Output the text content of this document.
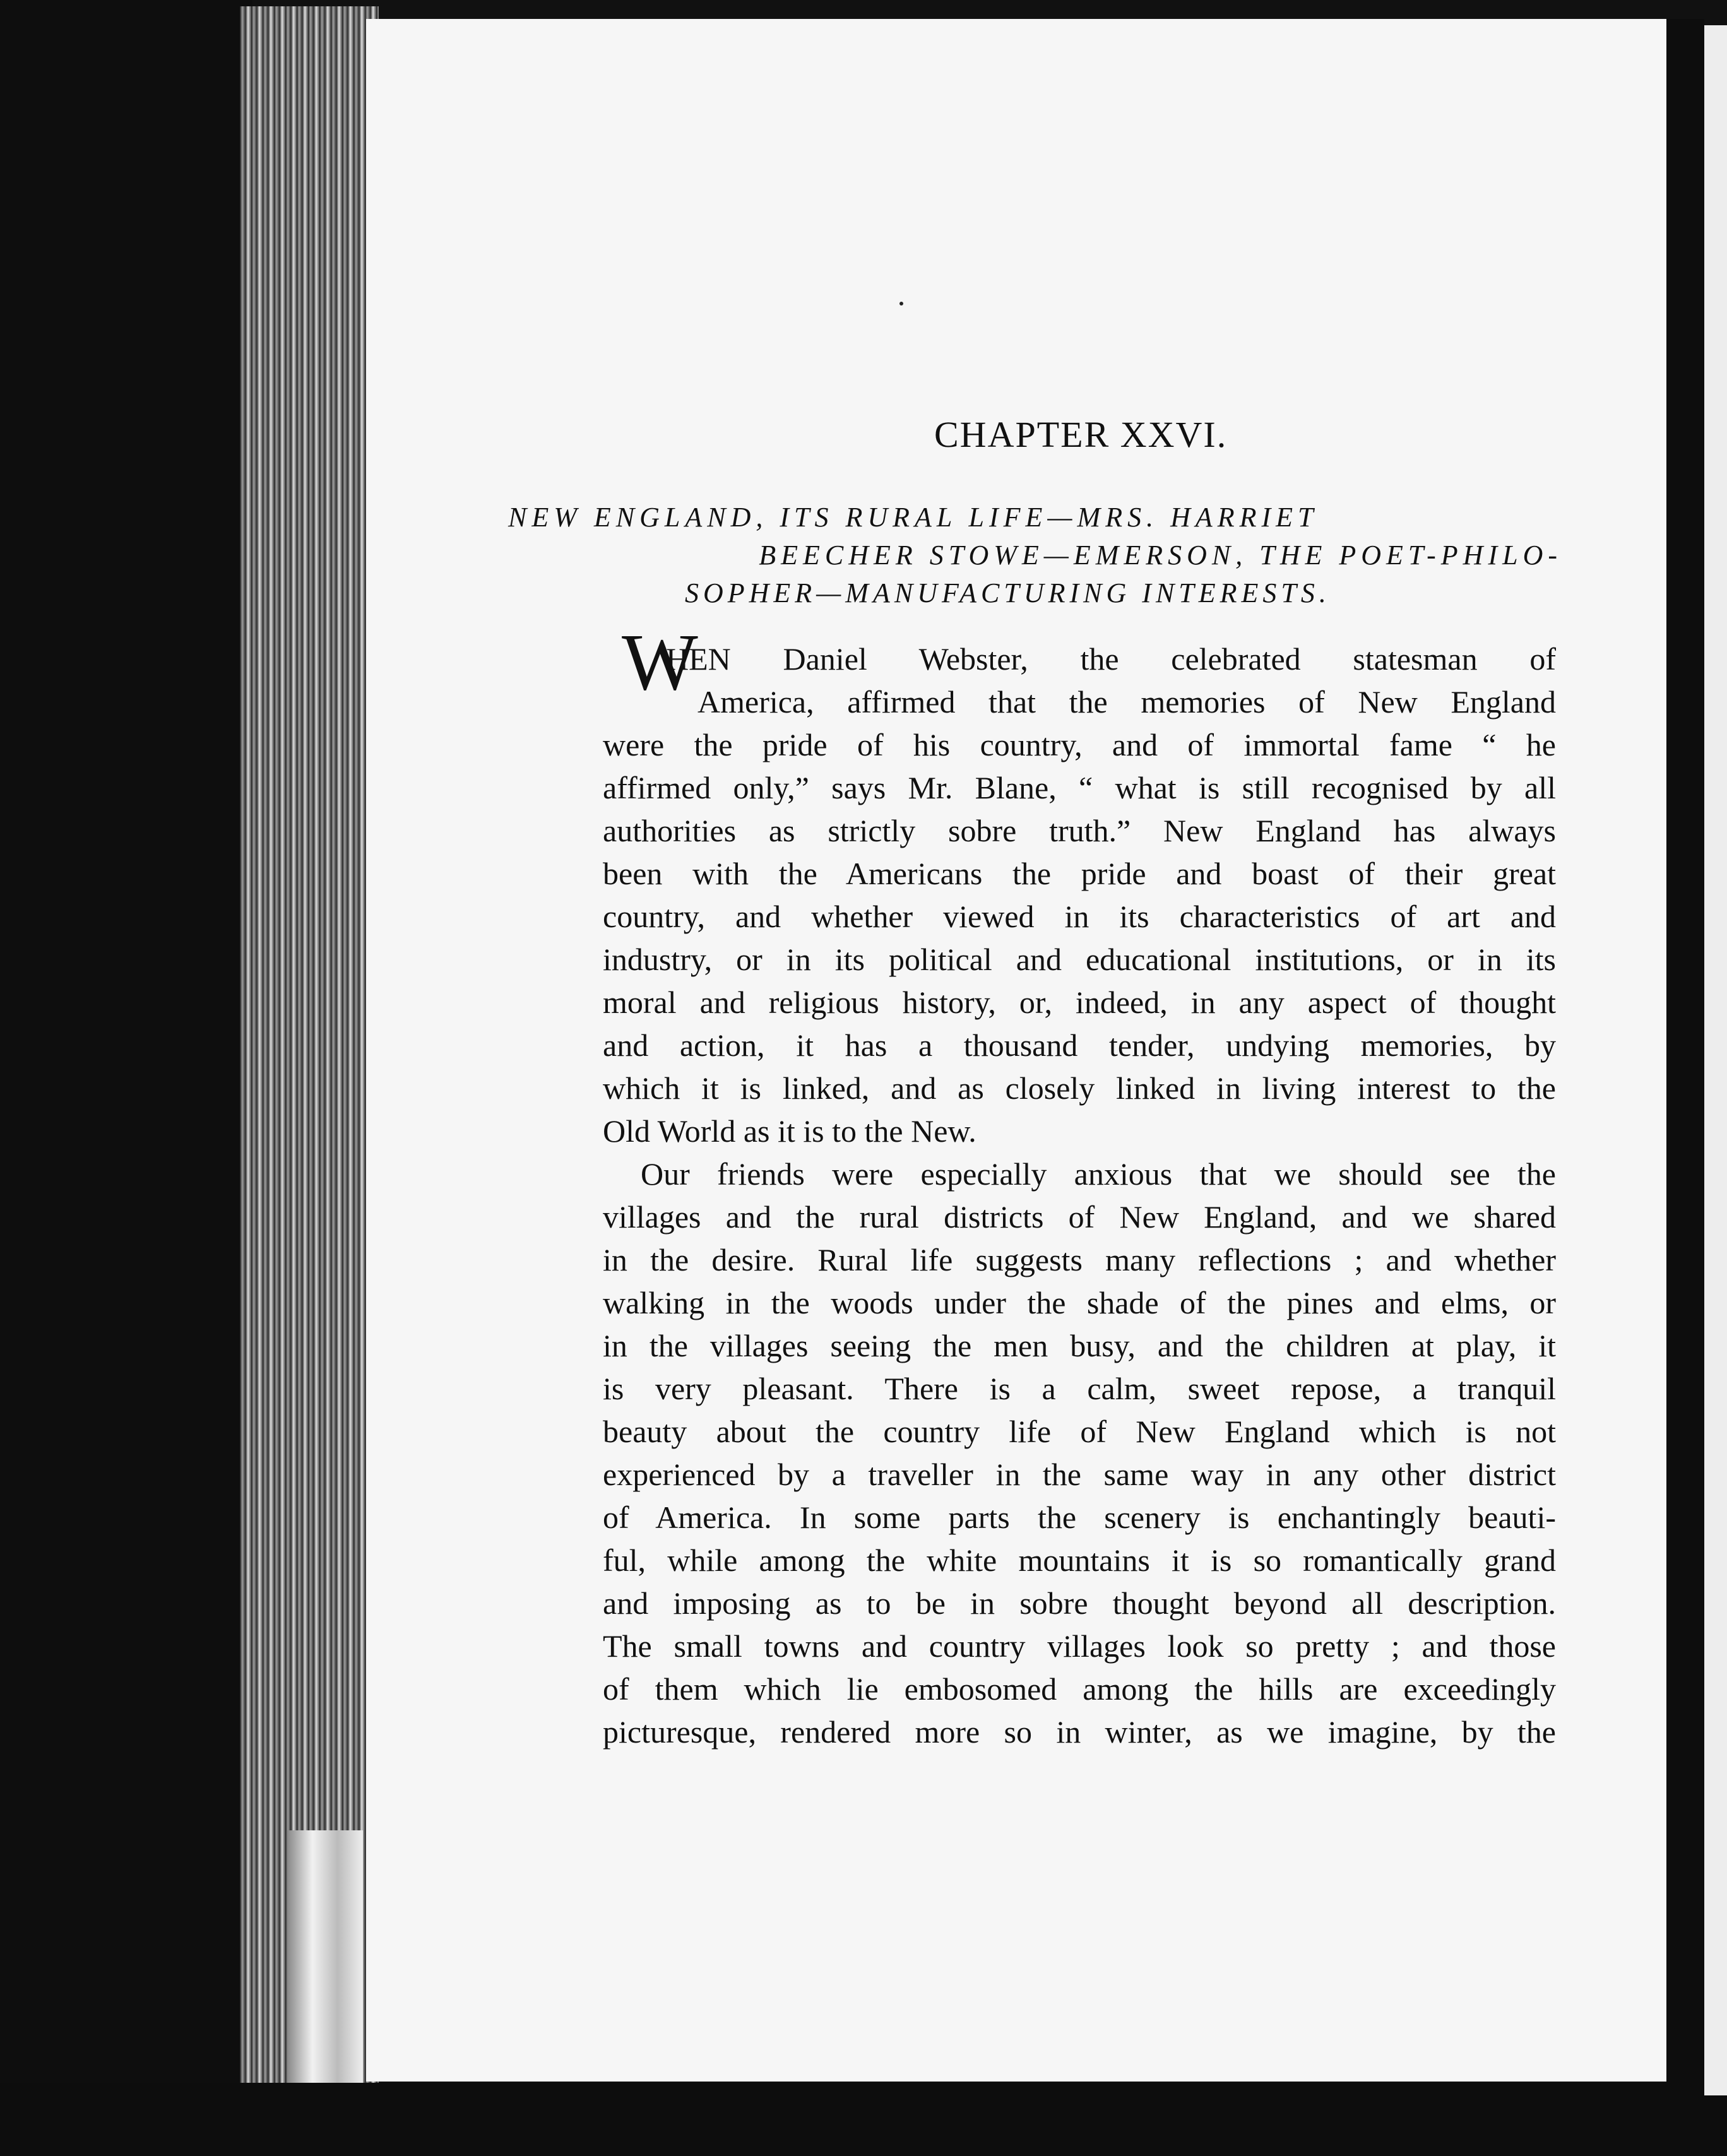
CHAPTER XXVI.
NEW ENGLAND, ITS RURAL LIFE—MRS. HARRIET
BEECHER STOWE—EMERSON, THE POET-PHILO-
SOPHER—MANUFACTURING INTERESTS.
W
HEN Daniel Webster, the celebrated statesman of
America, affirmed that the memories of New England
were the pride of his country, and of immortal fame “ he
affirmed only,” says Mr. Blane, “ what is still recognised by all
authorities as strictly sobre truth.” New England has always
been with the Americans the pride and boast of their great
country, and whether viewed in its characteristics of art and
industry, or in its political and educational institutions, or in its
moral and religious history, or, indeed, in any aspect of thought
and action, it has a thousand tender, undying memories, by
which it is linked, and as closely linked in living interest to the
Old World as it is to the New.
Our friends were especially anxious that we should see the
villages and the rural districts of New England, and we shared
in the desire. Rural life suggests many reflections ; and whether
walking in the woods under the shade of the pines and elms, or
in the villages seeing the men busy, and the children at play, it
is very pleasant. There is a calm, sweet repose, a tranquil
beauty about the country life of New England which is not
experienced by a traveller in the same way in any other district
of America. In some parts the scenery is enchantingly beauti-
ful, while among the white mountains it is so romantically grand
and imposing as to be in sobre thought beyond all description.
The small towns and country villages look so pretty ; and those
of them which lie embosomed among the hills are exceedingly
picturesque, rendered more so in winter, as we imagine, by the
